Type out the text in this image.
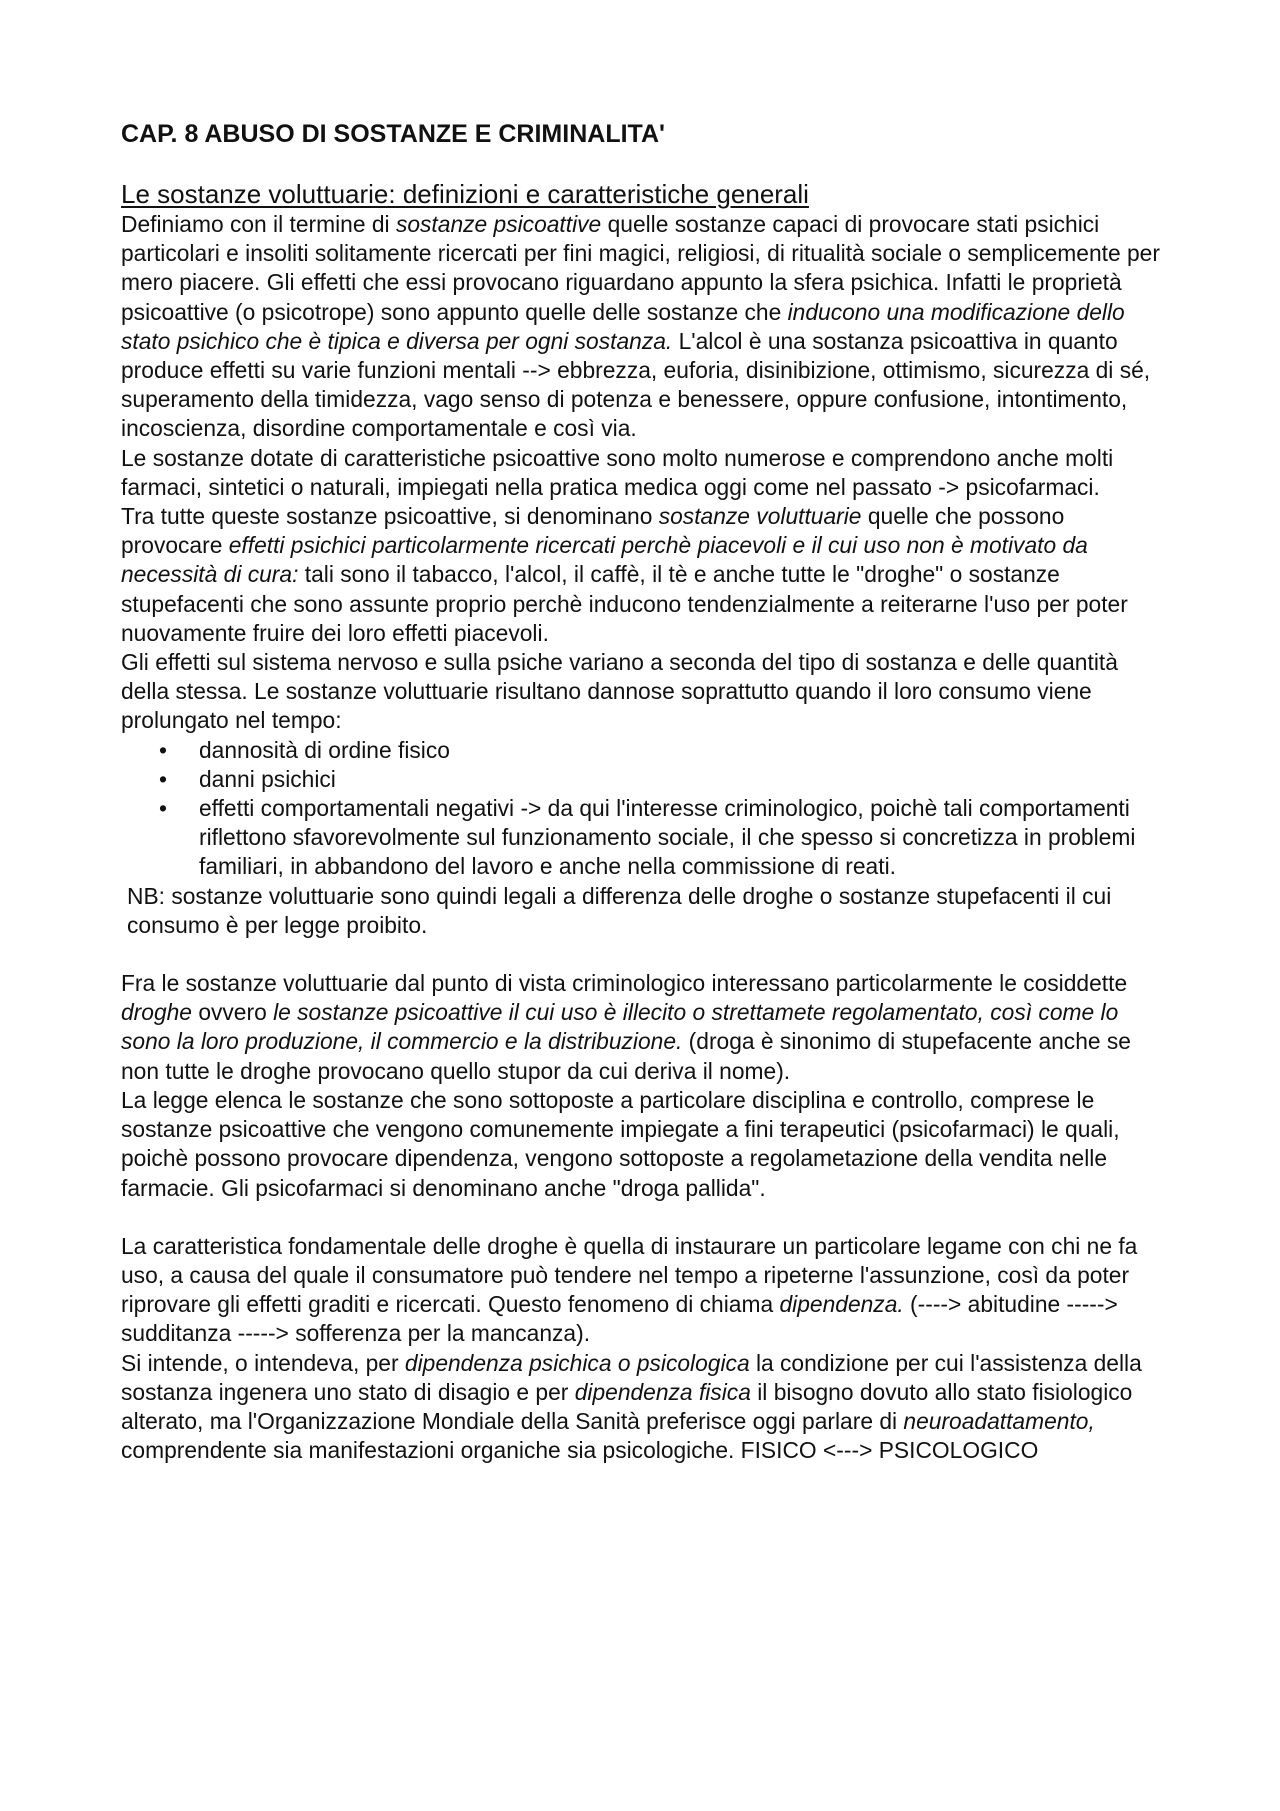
CAP. 8 ABUSO DI SOSTANZE E CRIMINALITA'
Le sostanze voluttuarie: definizioni e caratteristiche generali

Definiamo con il termine di sostanze psicoattive quelle sostanze capaci di provocare stati psichici particolari e insoliti solitamente ricercati per fini magici, religiosi, di ritualità sociale o semplicemente per mero piacere. Gli effetti che essi provocano riguardano appunto la sfera psichica. Infatti le proprietà psicoattive (o psicotrope) sono appunto quelle delle sostanze che inducono una modificazione dello stato psichico che è tipica e diversa per ogni sostanza. L'alcol è una sostanza psicoattiva in quanto produce effetti su varie funzioni mentali --> ebbrezza, euforia, disinibizione, ottimismo, sicurezza di sé, superamento della timidezza, vago senso di potenza e benessere, oppure confusione, intontimento, incoscienza, disordine comportamentale e così via.

Le sostanze dotate di caratteristiche psicoattive sono molto numerose e comprendono anche molti farmaci, sintetici o naturali, impiegati nella pratica medica oggi come nel passato -> psicofarmaci.

Tra tutte queste sostanze psicoattive, si denominano sostanze voluttuarie quelle che possono provocare effetti psichici particolarmente ricercati perchè piacevoli e il cui uso non è motivato da necessità di cura: tali sono il tabacco, l'alcol, il caffè, il tè e anche tutte le "droghe" o sostanze stupefacenti che sono assunte proprio perchè inducono tendenzialmente a reiterarne l'uso per poter nuovamente fruire dei loro effetti piacevoli.

Gli effetti sul sistema nervoso e sulla psiche variano a seconda del tipo di sostanza e delle quantità della stessa. Le sostanze voluttuarie risultano dannose soprattutto quando il loro consumo viene prolungato nel tempo:

• dannosità di ordine fisico
• danni psichici
• effetti comportamentali negativi -> da qui l'interesse criminologico, poichè tali comportamenti riflettono sfavorevolmente sul funzionamento sociale, il che spesso si concretizza in problemi familiari, in abbandono del lavoro e anche nella commissione di reati.

NB: sostanze voluttuarie sono quindi legali a differenza delle droghe o sostanze stupefacenti il cui consumo è per legge proibito.

Fra le sostanze voluttuarie dal punto di vista criminologico interessano particolarmente le cosiddette droghe ovvero le sostanze psicoattive il cui uso è illecito o strettamete regolamentato, così come lo sono la loro produzione, il commercio e la distribuzione. (droga è sinonimo di stupefacente anche se non tutte le droghe provocano quello stupor da cui deriva il nome).

La legge elenca le sostanze che sono sottoposte a particolare disciplina e controllo, comprese le sostanze psicoattive che vengono comunemente impiegate a fini terapeutici (psicofarmaci) le quali, poichè possono provocare dipendenza, vengono sottoposte a regolametazione della vendita nelle farmacie. Gli psicofarmaci si denominano anche "droga pallida".

La caratteristica fondamentale delle droghe è quella di instaurare un particolare legame con chi ne fa uso, a causa del quale il consumatore può tendere nel tempo a ripeterne l'assunzione, così da poter riprovare gli effetti graditi e ricercati. Questo fenomeno di chiama dipendenza. (----> abitudine -----> sudditanza -----> sofferenza per la mancanza).

Si intende, o intendeva, per dipendenza psichica o psicologica la condizione per cui l'assistenza della sostanza ingenera uno stato di disagio e per dipendenza fisica il bisogno dovuto allo stato fisiologico alterato, ma l'Organizzazione Mondiale della Sanità preferisce oggi parlare di neuroadattamento, comprendente sia manifestazioni organiche sia psicologiche. FISICO <---> PSICOLOGICO
